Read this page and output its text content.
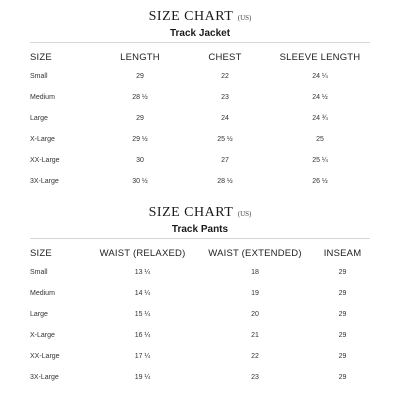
SIZE CHART (US)
Track Jacket
SIZE	LENGTH	CHEST	SLEEVE LENGTH
Small	29	22	24 ¼
Medium	28 ½	23	24 ½
Large	29	24	24 ¾
X-Large	29 ½	25 ½	25
XX-Large	30	27	25 ¼
3X-Large	30 ½	28 ½	26 ½
SIZE CHART (US)
Track Pants
SIZE	WAIST (RELAXED)	WAIST (EXTENDED)	INSEAM
Small	13 ¼	18	29
Medium	14 ¼	19	29
Large	15 ¼	20	29
X-Large	16 ¼	21	29
XX-Large	17 ¼	22	29
3X-Large	19 ¼	23	29
